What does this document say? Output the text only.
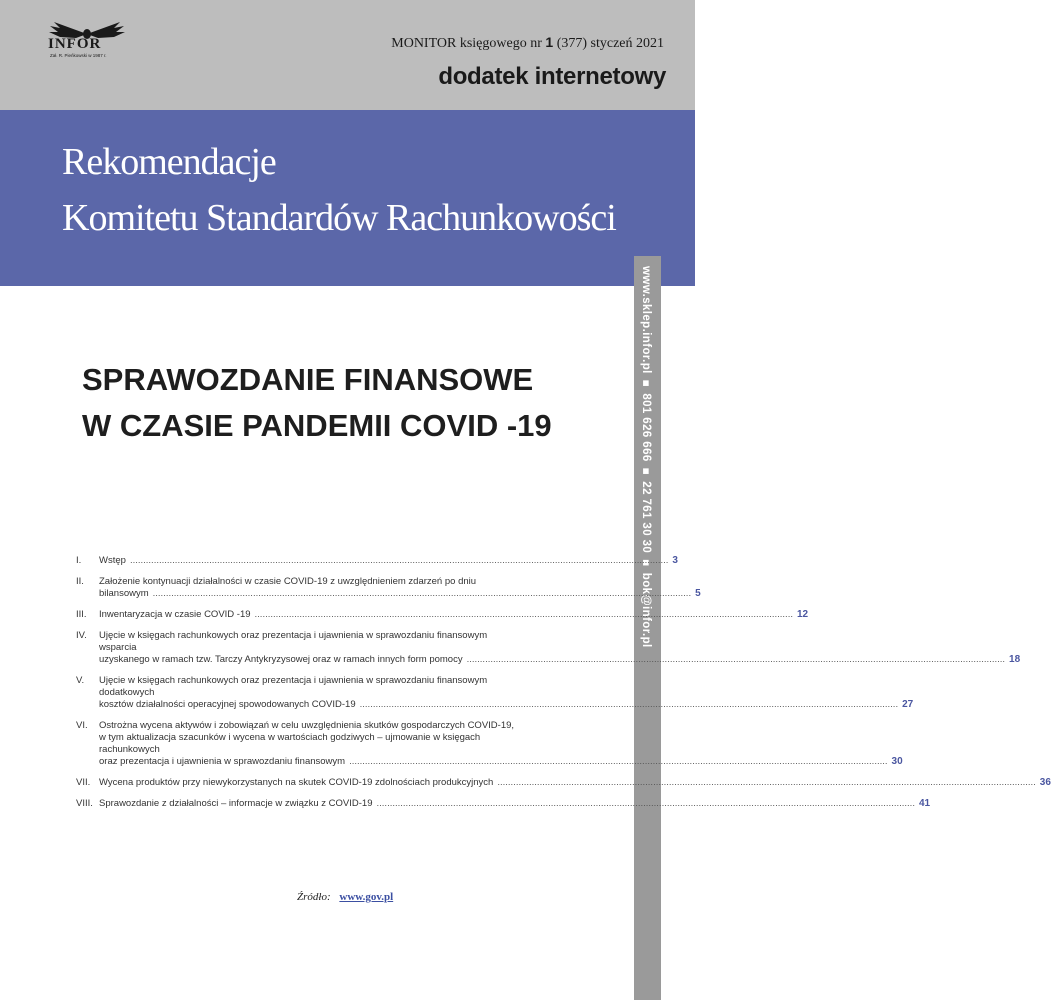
INFOR
Zał. R. Pieńkowski w 1987 r.
MONITOR księgowego nr 1 (377) styczeń 2021
dodatek internetowy
Rekomendacje
Komitetu Standardów Rachunkowości
www.sklep.infor.pl ■ 801 626 666 ■ 22 761 30 30 ■ bok@infor.pl
SPRAWOZDANIE FINANSOWE
W CZASIE PANDEMII COVID -19
I.	Wstęp .....	3
II.	Założenie kontynuacji działalności w czasie COVID-19 z uwzględnieniem zdarzeń po dniu
bilansowym .....	5
III.	Inwentaryzacja w czasie COVID -19 .....	12
IV.	Ujęcie w księgach rachunkowych oraz prezentacja i ujawnienia w sprawozdaniu finansowym
wsparcia
uzyskanego w ramach tzw. Tarczy Antykryzysowej oraz w ramach innych form pomocy .....	18
V.	Ujęcie w księgach rachunkowych oraz prezentacja i ujawnienia w sprawozdaniu finansowym
dodatkowych
kosztów działalności operacyjnej spowodowanych COVID-19 .....	27
VI.	Ostrożna wycena aktywów i zobowiązań w celu uwzględnienia skutków gospodarczych COVID-19,
w tym aktualizacja szacunków i wycena w wartościach godziwych – ujmowanie w księgach
rachunkowych
oraz prezentacja i ujawnienia w sprawozdaniu finansowym .....	30
VII. Wycena produktów przy niewykorzystanych na skutek COVID-19 zdolnościach produkcyjnych .....	36
VIII. Sprawozdanie z działalności – informacje w związku z COVID-19 .....	41
Źródło: www.gov.pl
